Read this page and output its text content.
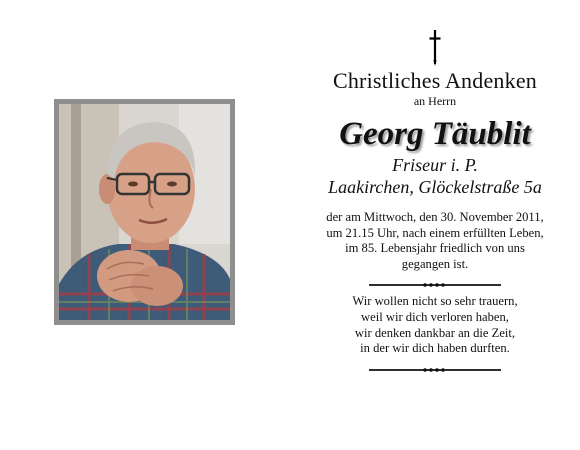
Christliches Andenken
an Herrn
Georg Täublit
Friseur i. P.
Laakirchen, Glöckelstraße 5a
der am Mittwoch, den 30. November 2011,
um 21.15 Uhr, nach einem erfüllten Leben,
im 85. Lebensjahr friedlich von uns
gegangen ist.
Wir wollen nicht so sehr trauern,
weil wir dich verloren haben,
wir denken dankbar an die Zeit,
in der wir dich haben durften.
